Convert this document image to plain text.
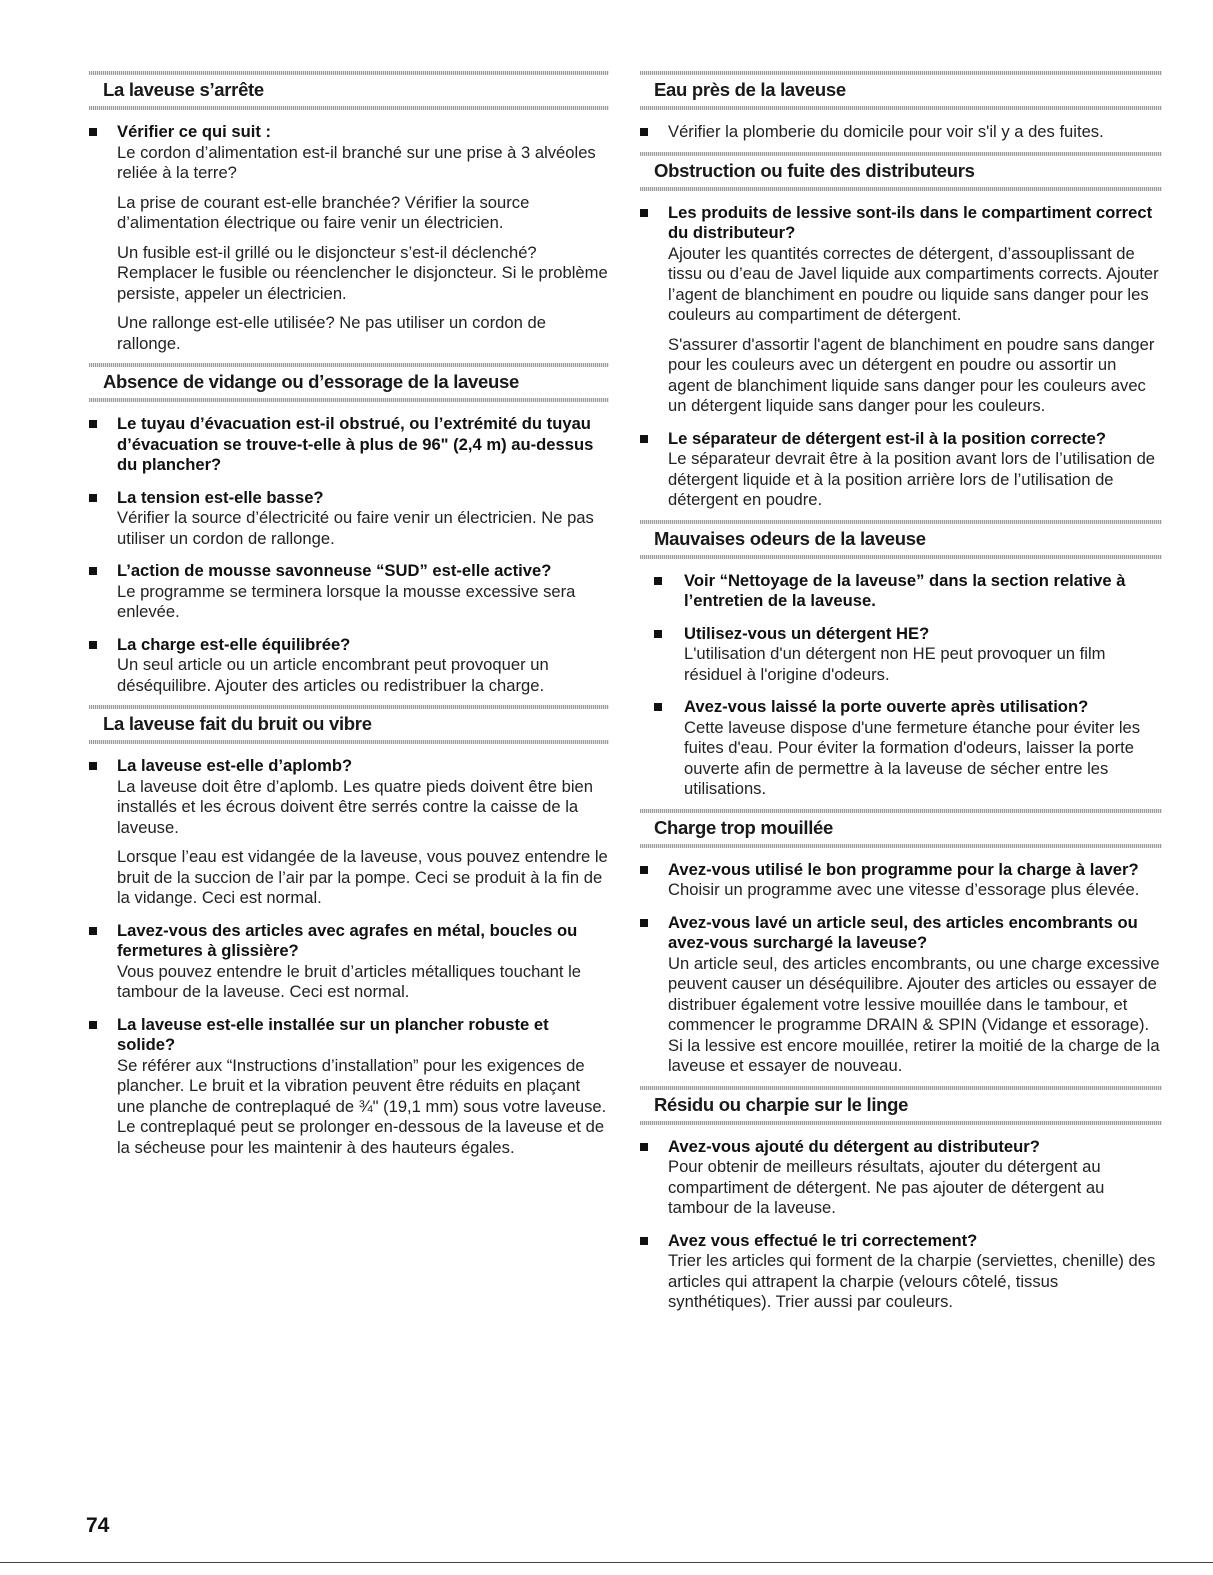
La laveuse s’arrête
Vérifier ce qui suit :
Le cordon d’alimentation est-il branché sur une prise à 3 alvéoles reliée à la terre?
La prise de courant est-elle branchée? Vérifier la source d’alimentation électrique ou faire venir un électricien.
Un fusible est-il grillé ou le disjoncteur s’est-il déclenché? Remplacer le fusible ou réenclencher le disjoncteur. Si le problème persiste, appeler un électricien.
Une rallonge est-elle utilisée? Ne pas utiliser un cordon de rallonge.
Absence de vidange ou d’essorage de la laveuse
Le tuyau d’évacuation est-il obstrué, ou l’extrémité du tuyau d’évacuation se trouve-t-elle à plus de 96" (2,4 m) au-dessus du plancher?
La tension est-elle basse?
Vérifier la source d’électricité ou faire venir un électricien. Ne pas utiliser un cordon de rallonge.
L’action de mousse savonneuse “SUD” est-elle active?
Le programme se terminera lorsque la mousse excessive sera enlevée.
La charge est-elle équilibrée?
Un seul article ou un article encombrant peut provoquer un déséquilibre. Ajouter des articles ou redistribuer la charge.
La laveuse fait du bruit ou vibre
La laveuse est-elle d’aplomb?
La laveuse doit être d’aplomb. Les quatre pieds doivent être bien installés et les écrous doivent être serrés contre la caisse de la laveuse.
Lorsque l’eau est vidangée de la laveuse, vous pouvez entendre le bruit de la succion de l’air par la pompe. Ceci se produit à la fin de la vidange. Ceci est normal.
Lavez-vous des articles avec agrafes en métal, boucles ou fermetures à glissière?
Vous pouvez entendre le bruit d’articles métalliques touchant le tambour de la laveuse. Ceci est normal.
La laveuse est-elle installée sur un plancher robuste et solide?
Se référer aux “Instructions d’installation” pour les exigences de plancher. Le bruit et la vibration peuvent être réduits en plaçant une planche de contreplaqué de ¾" (19,1 mm) sous votre laveuse. Le contreplaqué peut se prolonger en-dessous de la laveuse et de la sécheuse pour les maintenir à des hauteurs égales.
Eau près de la laveuse
Vérifier la plomberie du domicile pour voir s'il y a des fuites.
Obstruction ou fuite des distributeurs
Les produits de lessive sont-ils dans le compartiment correct du distributeur?
Ajouter les quantités correctes de détergent, d’assouplissant de tissu ou d’eau de Javel liquide aux compartiments corrects. Ajouter l’agent de blanchiment en poudre ou liquide sans danger pour les couleurs au compartiment de détergent.
S'assurer d'assortir l'agent de blanchiment en poudre sans danger pour les couleurs avec un détergent en poudre ou assortir un agent de blanchiment liquide sans danger pour les couleurs avec un détergent liquide sans danger pour les couleurs.
Le séparateur de détergent est-il à la position correcte?
Le séparateur devrait être à la position avant lors de l’utilisation de détergent liquide et à la position arrière lors de l’utilisation de détergent en poudre.
Mauvaises odeurs de la laveuse
Voir “Nettoyage de la laveuse” dans la section relative à l’entretien de la laveuse.
Utilisez-vous un détergent HE?
L'utilisation d'un détergent non HE peut provoquer un film résiduel à l'origine d'odeurs.
Avez-vous laissé la porte ouverte après utilisation?
Cette laveuse dispose d'une fermeture étanche pour éviter les fuites d'eau. Pour éviter la formation d'odeurs, laisser la porte ouverte afin de permettre à la laveuse de sécher entre les utilisations.
Charge trop mouillée
Avez-vous utilisé le bon programme pour la charge à laver?
Choisir un programme avec une vitesse d’essorage plus élevée.
Avez-vous lavé un article seul, des articles encombrants ou avez-vous surchargé la laveuse?
Un article seul, des articles encombrants, ou une charge excessive peuvent causer un déséquilibre. Ajouter des articles ou essayer de distribuer également votre lessive mouillée dans le tambour, et commencer le programme DRAIN & SPIN (Vidange et essorage). Si la lessive est encore mouillée, retirer la moitié de la charge de la laveuse et essayer de nouveau.
Résidu ou charpie sur le linge
Avez-vous ajouté du détergent au distributeur?
Pour obtenir de meilleurs résultats, ajouter du détergent au compartiment de détergent. Ne pas ajouter de détergent au tambour de la laveuse.
Avez vous effectué le tri correctement?
Trier les articles qui forment de la charpie (serviettes, chenille) des articles qui attrapent la charpie (velours côtelé, tissus synthétiques). Trier aussi par couleurs.
74
